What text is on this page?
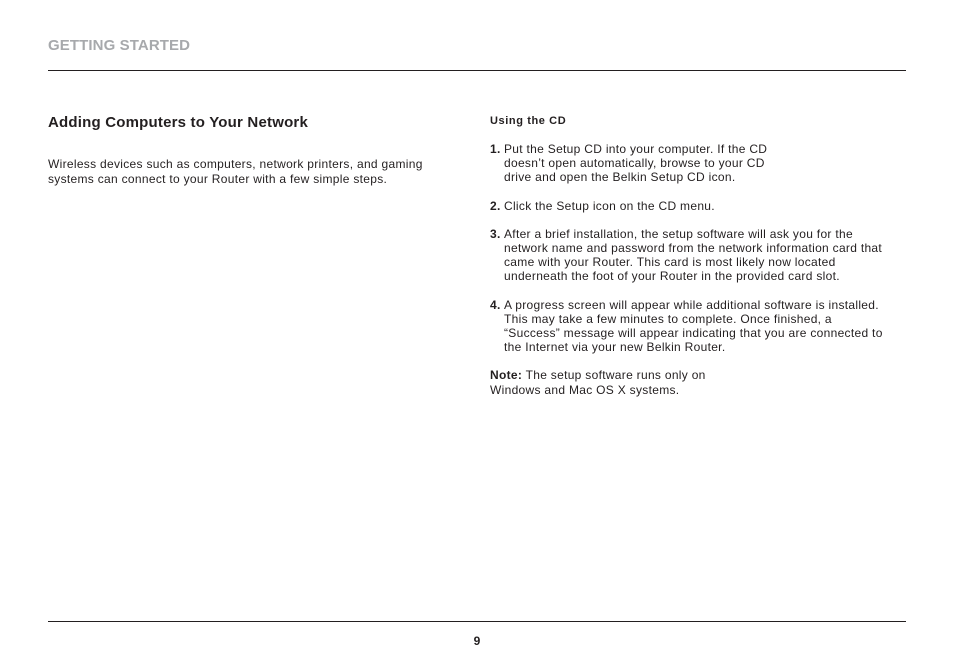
GETTING STARTED
Adding Computers to Your Network

Wireless devices such as computers, network printers, and gaming systems can connect to your Router with a few simple steps.

Using the CD
1. Put the Setup CD into your computer. If the CD doesn’t open automatically, browse to your CD drive and open the Belkin Setup CD icon.
2. Click the Setup icon on the CD menu.
3. After a brief installation, the setup software will ask you for the network name and password from the network information card that came with your Router. This card is most likely now located underneath the foot of your Router in the provided card slot.
4. A progress screen will appear while additional software is installed. This may take a few minutes to complete. Once finished, a “Success” message will appear indicating that you are connected to the Internet via your new Belkin Router.

Note: The setup software runs only on Windows and Mac OS X systems.

9
